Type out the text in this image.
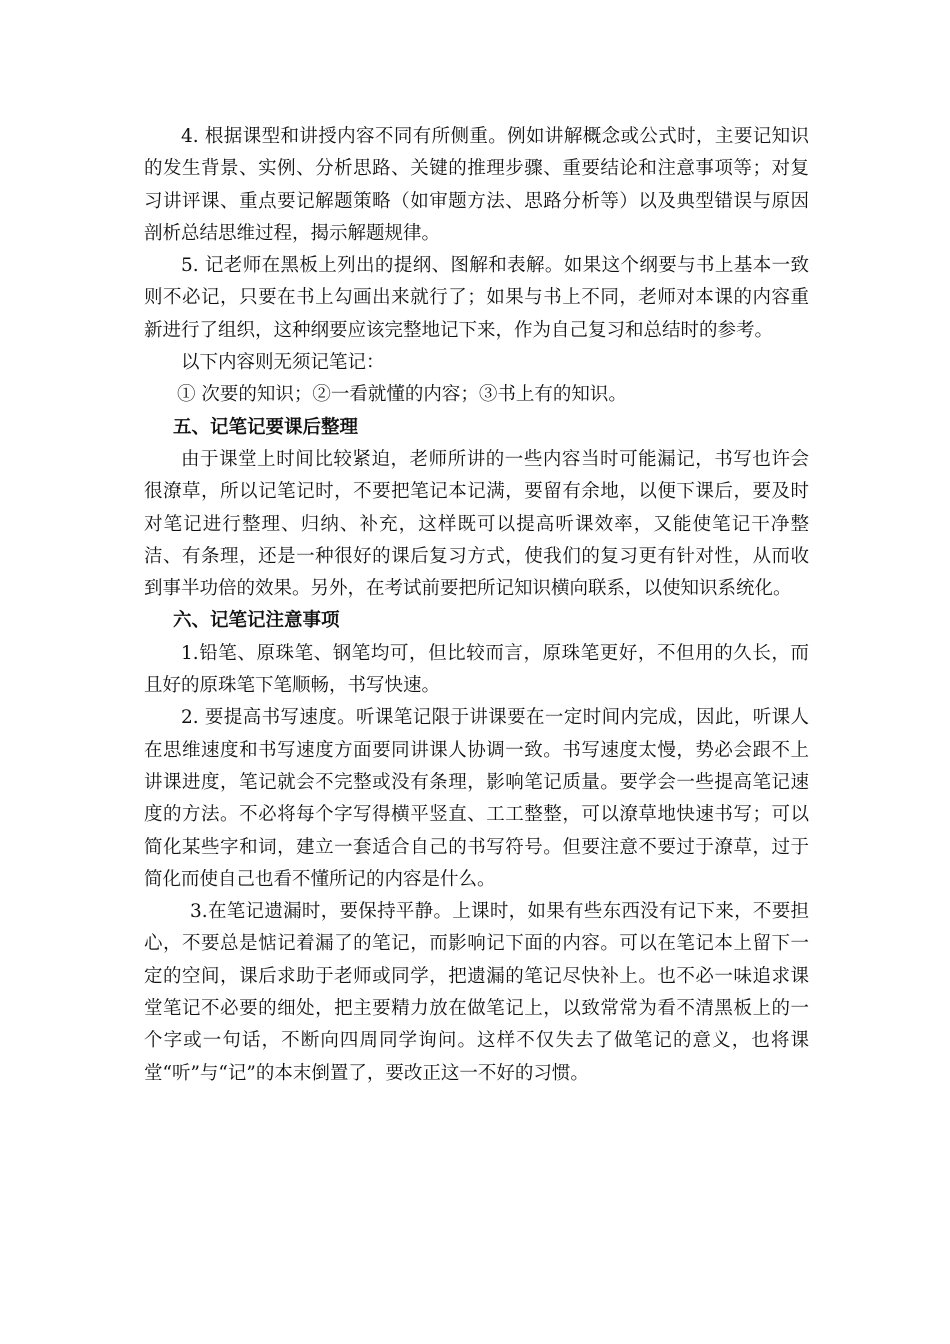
4. 根据课型和讲授内容不同有所侧重。例如讲解概念或公式时，主要记知识的发生背景、实例、分析思路、关键的推理步骤、重要结论和注意事项等；对复习讲评课、重点要记解题策略（如审题方法、思路分析等）以及典型错误与原因剖析总结思维过程，揭示解题规律。

5. 记老师在黑板上列出的提纲、图解和表解。如果这个纲要与书上基本一致则不必记，只要在书上勾画出来就行了；如果与书上不同，老师对本课的内容重新进行了组织，这种纲要应该完整地记下来，作为自己复习和总结时的参考。

以下内容则无须记笔记：

① 次要的知识；②一看就懂的内容；③书上有的知识。

五、记笔记要课后整理

由于课堂上时间比较紧迫，老师所讲的一些内容当时可能漏记，书写也许会很潦草，所以记笔记时，不要把笔记本记满，要留有余地，以便下课后，要及时对笔记进行整理、归纳、补充，这样既可以提高听课效率，又能使笔记干净整洁、有条理，还是一种很好的课后复习方式，使我们的复习更有针对性，从而收到事半功倍的效果。另外，在考试前要把所记知识横向联系，以使知识系统化。

六、记笔记注意事项

1.铅笔、原珠笔、钢笔均可，但比较而言，原珠笔更好，不但用的久长，而且好的原珠笔下笔顺畅，书写快速。

2. 要提高书写速度。听课笔记限于讲课要在一定时间内完成，因此，听课人在思维速度和书写速度方面要同讲课人协调一致。书写速度太慢，势必会跟不上讲课进度，笔记就会不完整或没有条理，影响笔记质量。要学会一些提高笔记速度的方法。不必将每个字写得横平竖直、工工整整，可以潦草地快速书写；可以简化某些字和词，建立一套适合自己的书写符号。但要注意不要过于潦草，过于简化而使自己也看不懂所记的内容是什么。

3.在笔记遗漏时，要保持平静。上课时，如果有些东西没有记下来，不要担心，不要总是惦记着漏了的笔记，而影响记下面的内容。可以在笔记本上留下一定的空间，课后求助于老师或同学，把遗漏的笔记尽快补上。也不必一味追求课堂笔记不必要的细处，把主要精力放在做笔记上，以致常常为看不清黑板上的一个字或一句话，不断向四周同学询问。这样不仅失去了做笔记的意义，也将课堂“听”与“记”的本末倒置了，要改正这一不好的习惯。
